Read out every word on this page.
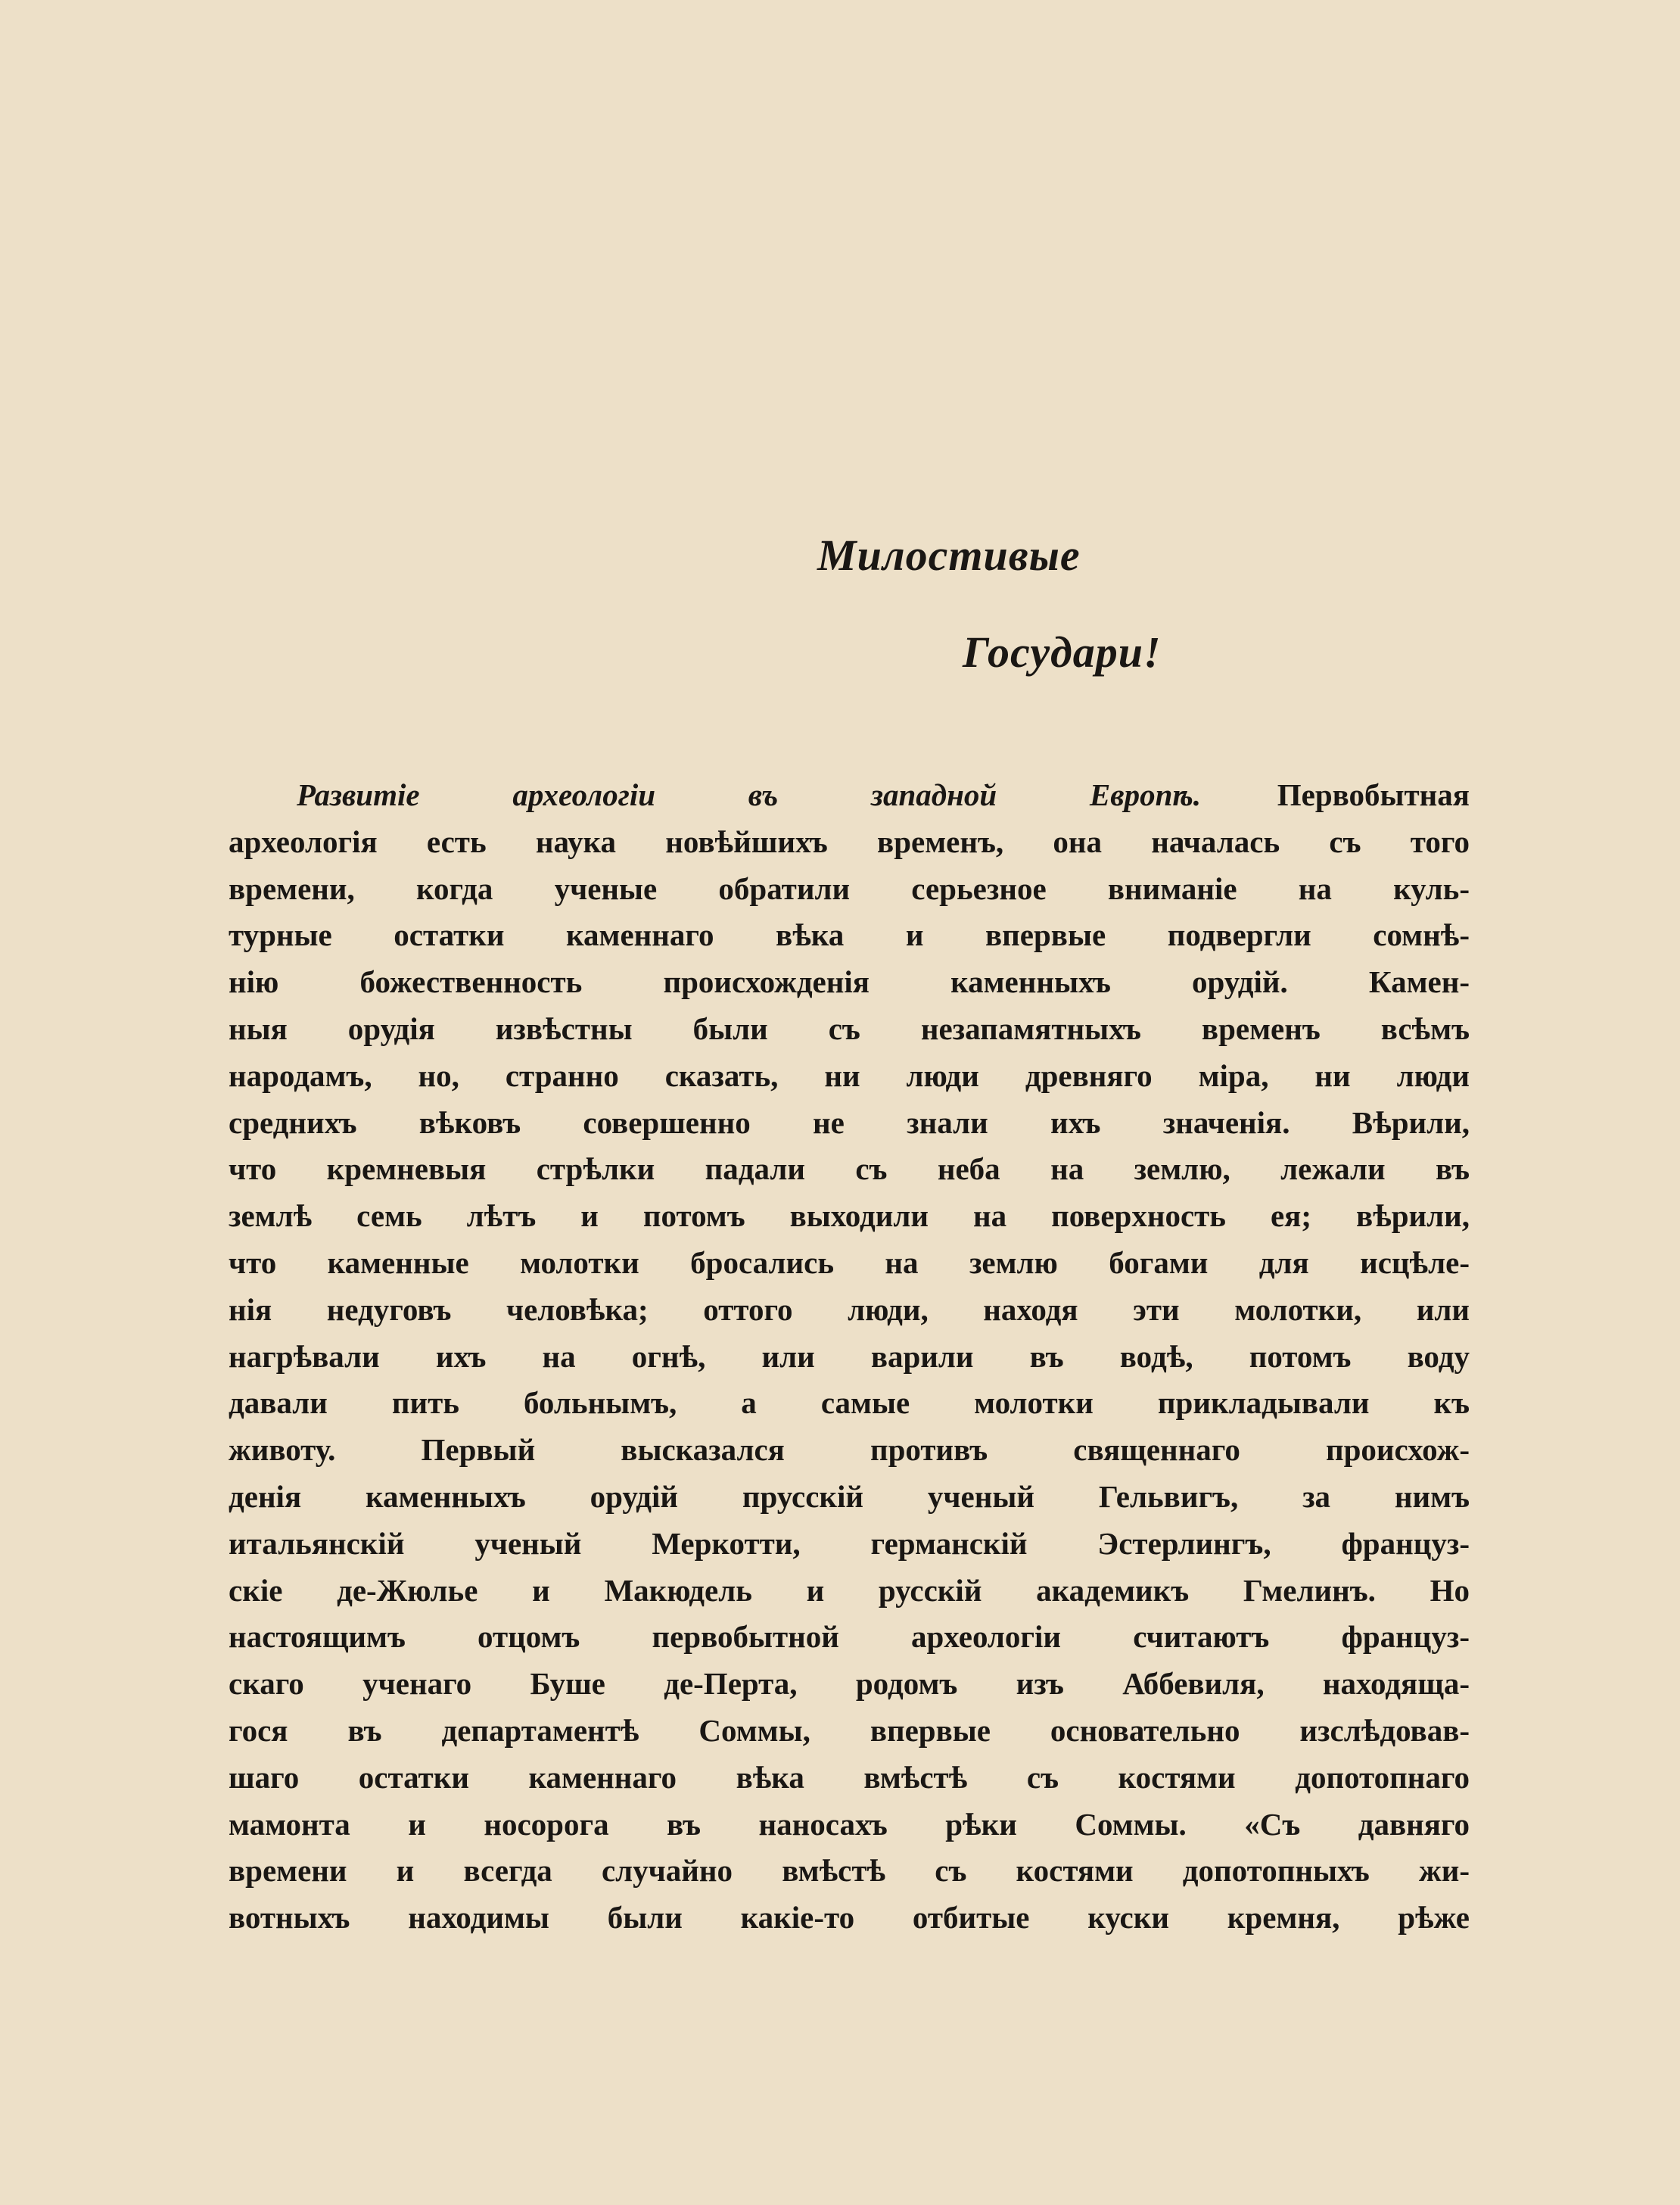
Милостивые
Государи!
Развитіе археологіи въ западной Европѣ. Первобытная
археологія есть наука новѣйшихъ временъ, она началась съ того
времени, когда ученые обратили серьезное вниманіе на куль-
турные остатки каменнаго вѣка и впервые подвергли сомнѣ-
нію божественность происхожденія каменныхъ орудій. Камен-
ныя орудія извѣстны были съ незапамятныхъ временъ всѣмъ
народамъ, но, странно сказать, ни люди древняго міра, ни люди
среднихъ вѣковъ совершенно не знали ихъ значенія. Вѣрили,
что кремневыя стрѣлки падали съ неба на землю, лежали въ
землѣ семь лѣтъ и потомъ выходили на поверхность ея; вѣрили,
что каменные молотки бросались на землю богами для исцѣле-
нія недуговъ человѣка; оттого люди, находя эти молотки, или
нагрѣвали ихъ на огнѣ, или варили въ водѣ, потомъ воду
давали пить больнымъ, а самые молотки прикладывали къ
животу. Первый высказался противъ священнаго происхож-
денія каменныхъ орудій прусскій ученый Гельвигъ, за нимъ
итальянскій ученый Меркотти, германскій Эстерлингъ, француз-
скіе де-Жюлье и Макюдель и русскій академикъ Гмелинъ. Но
настоящимъ отцомъ первобытной археологіи считаютъ француз-
скаго ученаго Буше де-Перта, родомъ изъ Аббевиля, находяща-
гося въ департаментѣ Соммы, впервые основательно изслѣдовав-
шаго остатки каменнаго вѣка вмѣстѣ съ костями допотопнаго
мамонта и носорога въ наносахъ рѣки Соммы. «Съ давняго
времени и всегда случайно вмѣстѣ съ костями допотопныхъ жи-
вотныхъ находимы были какіе-то отбитые куски кремня, рѣже
